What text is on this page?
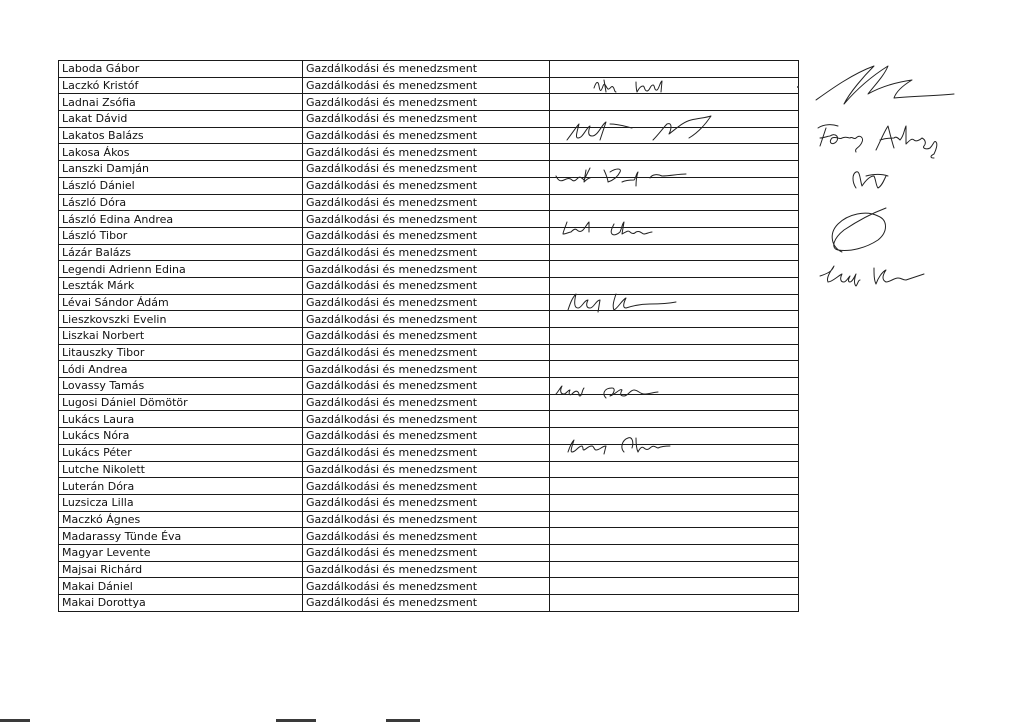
Laboda Gábor	Gazdálkodási és menedzsment	
Laczkó Kristóf	Gazdálkodási és menedzsment	
Ladnai Zsófia	Gazdálkodási és menedzsment	
Lakat Dávid	Gazdálkodási és menedzsment	
Lakatos Balázs	Gazdálkodási és menedzsment	
Lakosa Ákos	Gazdálkodási és menedzsment	
Lanszki Damján	Gazdálkodási és menedzsment	
László Dániel	Gazdálkodási és menedzsment	
László Dóra	Gazdálkodási és menedzsment	
László Edina Andrea	Gazdálkodási és menedzsment	
László Tibor	Gazdálkodási és menedzsment	
Lázár Balázs	Gazdálkodási és menedzsment	
Legendi Adrienn Edina	Gazdálkodási és menedzsment	
Leszták Márk	Gazdálkodási és menedzsment	
Lévai Sándor Ádám	Gazdálkodási és menedzsment	
Lieszkovszki Evelin	Gazdálkodási és menedzsment	
Liszkai Norbert	Gazdálkodási és menedzsment	
Litauszky Tibor	Gazdálkodási és menedzsment	
Lódi Andrea	Gazdálkodási és menedzsment	
Lovassy Tamás	Gazdálkodási és menedzsment	
Lugosi Dániel Dömötör	Gazdálkodási és menedzsment	
Lukács Laura	Gazdálkodási és menedzsment	
Lukács Nóra	Gazdálkodási és menedzsment	
Lukács Péter	Gazdálkodási és menedzsment	
Lutche Nikolett	Gazdálkodási és menedzsment	
Luterán Dóra	Gazdálkodási és menedzsment	
Luzsicza Lilla	Gazdálkodási és menedzsment	
Maczkó Ágnes	Gazdálkodási és menedzsment	
Madarassy Tünde Éva	Gazdálkodási és menedzsment	
Magyar Levente	Gazdálkodási és menedzsment	
Majsai Richárd	Gazdálkodási és menedzsment	
Makai Dániel	Gazdálkodási és menedzsment	
Makai Dorottya	Gazdálkodási és menedzsment	
